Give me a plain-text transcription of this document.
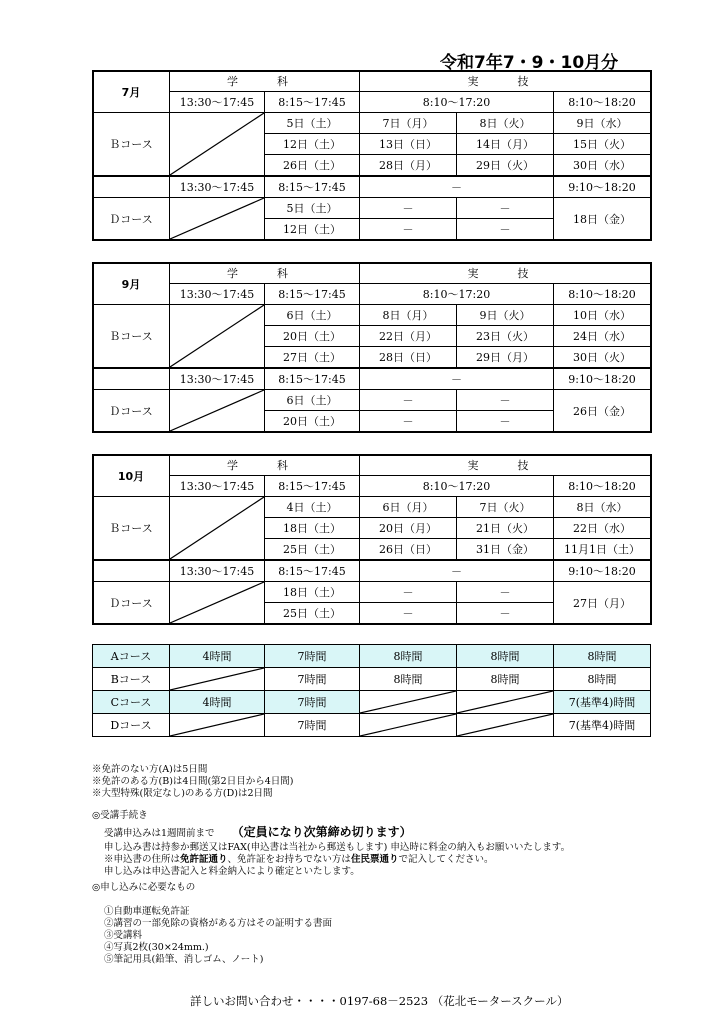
令和7年7・9・10月分
7月	学　科		実　技		
	13:30～17:45	8:15～17:45	8:10～17:20		8:10～18:20
Ｂコース		5日（土）	7日（月）	8日（火）	9日（水）
		12日（土）	13日（日）	14日（月）	15日（火）
		26日（土）	28日（月）	29日（火）	30日（水）
	13:30～17:45	8:15～17:45	－		9:10～18:20
Ｄコース		5日（土）	－	－	18日（金）
		12日（土）	－	－	
9月	学　科		実　技		
	13:30～17:45	8:15～17:45	8:10～17:20		8:10～18:20
Ｂコース		6日（土）	8日（月）	9日（火）	10日（水）
		20日（土）	22日（月）	23日（火）	24日（水）
		27日（土）	28日（日）	29日（月）	30日（火）
	13:30～17:45	8:15～17:45	－		9:10～18:20
Ｄコース		6日（土）	－	－	26日（金）
		20日（土）	－	－	
10月	学　科		実　技		
	13:30～17:45	8:15～17:45	8:10～17:20		8:10～18:20
Ｂコース		4日（土）	6日（月）	7日（火）	8日（水）
		18日（土）	20日（月）	21日（火）	22日（水）
		25日（土）	26日（日）	31日（金）	11月1日（土）
	13:30～17:45	8:15～17:45	－		9:10～18:20
Ｄコース		18日（土）	－	－	27日（月）
		25日（土）	－	－	
Aコース	4時間	7時間	8時間	8時間	8時間
Bコース		7時間	8時間	8時間	8時間
Cコース	4時間	7時間			7(基準4)時間
Dコース		7時間			7(基準4)時間
※免許のない方(A)は5日間
※免許のある方(B)は4日間(第2日目から4日間)
※大型特殊(限定なし)のある方(D)は2日間
◎受講手続き
受講申込みは1週間前まで （定員になり次第締め切ります）
申し込み書は持参か郵送又はFAX(申込書は当社から郵送もします) 申込時に料金の納入もお願いいたします。
※申込書の住所は免許証通り、免許証をお持ちでない方は住民票通りで記入してください。
申し込みは申込書記入と料金納入により確定といたします。
◎申し込みに必要なもの
①自動車運転免許証
②講習の一部免除の資格がある方はその証明する書面
③受講料
④写真2枚(30×24mm.)
⑤筆記用具(鉛筆、消しゴム、ノート)
詳しいお問い合わせ・・・・0197-68－2523 （花北モータースクール）
